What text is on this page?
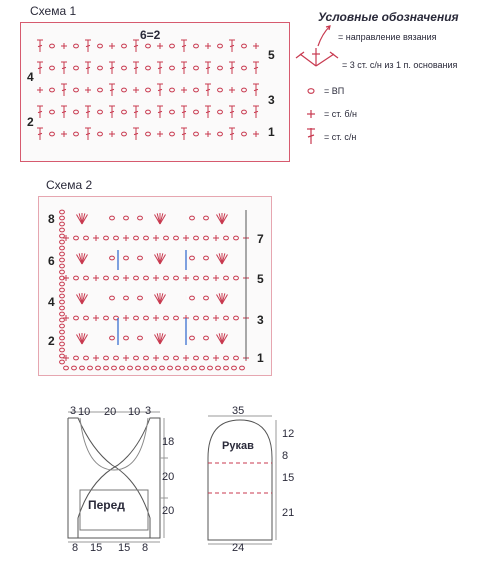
Схема 1
6=2
4
2
5
3
1
Условные обозначения
= направление вязания
= 3 ст. с/н из 1 п. основания
= ВП
= ст. б/н
= ст. с/н
Схема 2
8
6
4
2
7
5
3
1
3 10 20 10 3
18
20
20
Перед
8 15 15 8
35
Рукав
12
8
15
21
24
